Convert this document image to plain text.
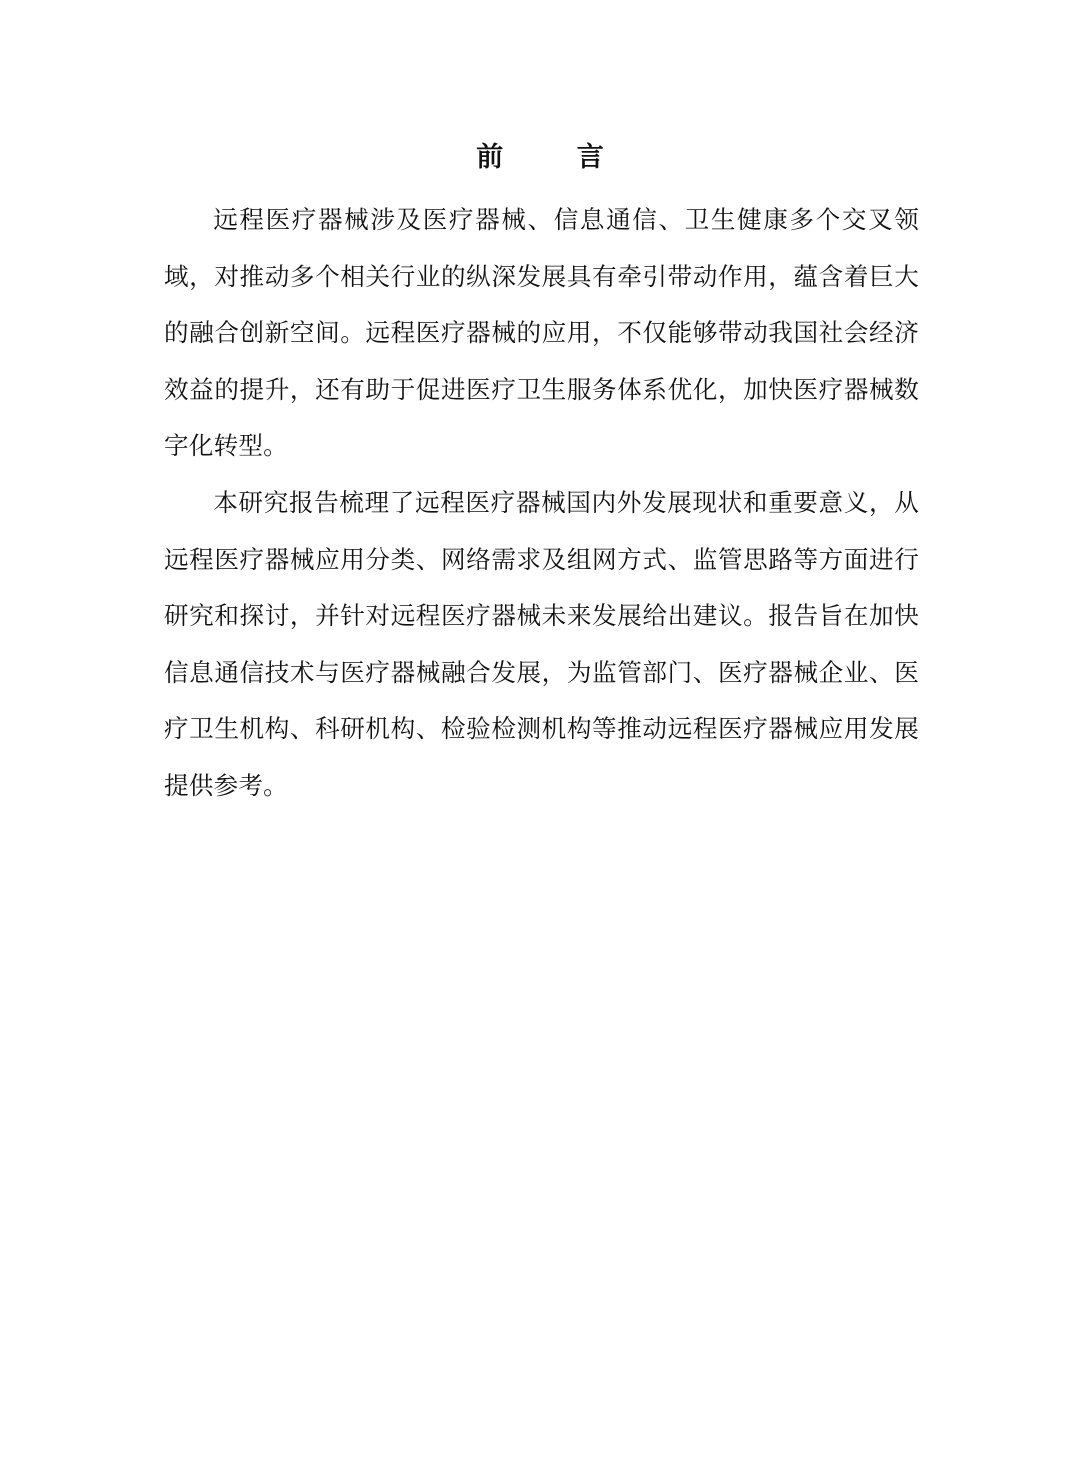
前 言

远程医疗器械涉及医疗器械、信息通信、卫生健康多个交叉领域，对推动多个相关行业的纵深发展具有牵引带动作用，蕴含着巨大的融合创新空间。远程医疗器械的应用，不仅能够带动我国社会经济效益的提升，还有助于促进医疗卫生服务体系优化，加快医疗器械数字化转型。

本研究报告梳理了远程医疗器械国内外发展现状和重要意义，从远程医疗器械应用分类、网络需求及组网方式、监管思路等方面进行研究和探讨，并针对远程医疗器械未来发展给出建议。报告旨在加快信息通信技术与医疗器械融合发展，为监管部门、医疗器械企业、医疗卫生机构、科研机构、检验检测机构等推动远程医疗器械应用发展提供参考。
